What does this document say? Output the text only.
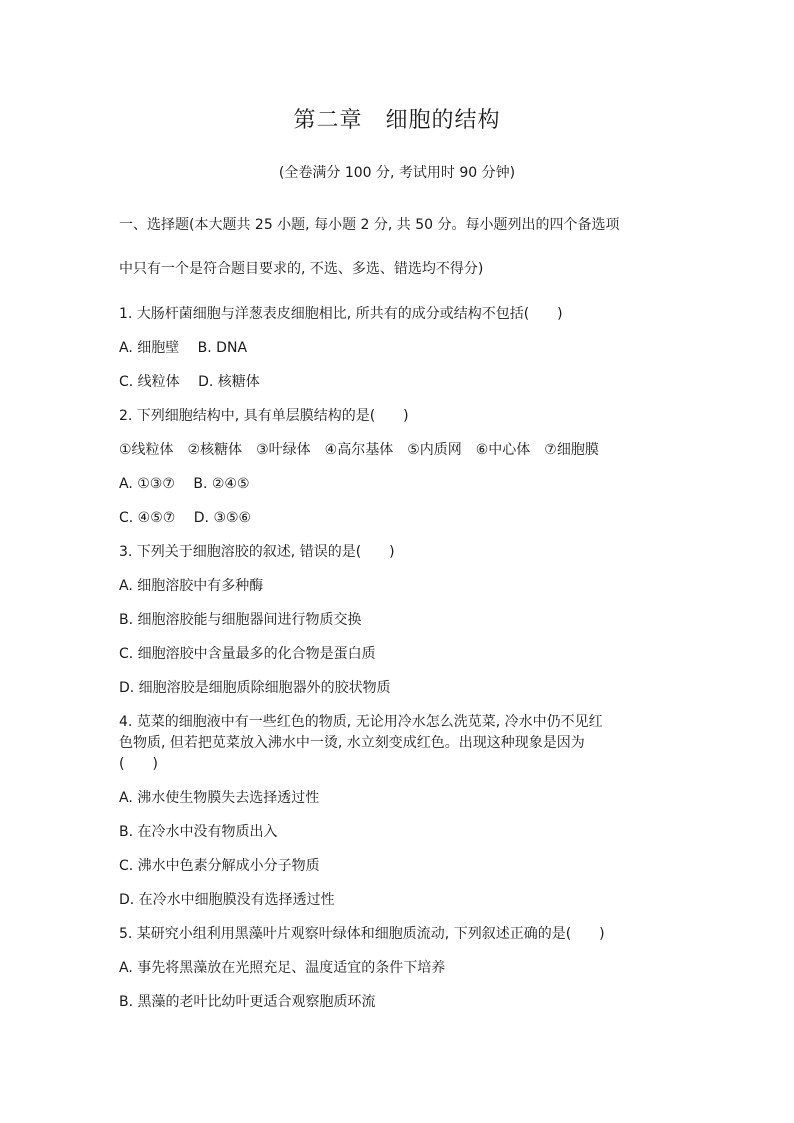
第二章　细胞的结构
(全卷满分 100 分, 考试用时 90 分钟)
一、选择题(本大题共 25 小题, 每小题 2 分, 共 50 分。每小题列出的四个备选项
中只有一个是符合题目要求的, 不选、多选、错选均不得分)
1. 大肠杆菌细胞与洋葱表皮细胞相比, 所共有的成分或结构不包括(　　)
A. 细胞壁　 B. DNA
C. 线粒体　 D. 核糖体
2. 下列细胞结构中, 具有单层膜结构的是(　　)
①线粒体　②核糖体　③叶绿体　④高尔基体　⑤内质网　⑥中心体　⑦细胞膜
A. ①③⑦　 B. ②④⑤
C. ④⑤⑦　 D. ③⑤⑥
3. 下列关于细胞溶胶的叙述, 错误的是(　　)
A. 细胞溶胶中有多种酶
B. 细胞溶胶能与细胞器间进行物质交换
C. 细胞溶胶中含量最多的化合物是蛋白质
D. 细胞溶胶是细胞质除细胞器外的胶状物质
4. 苋菜的细胞液中有一些红色的物质, 无论用冷水怎么洗苋菜, 冷水中仍不见红
色物质, 但若把苋菜放入沸水中一烫, 水立刻变成红色。出现这种现象是因为
(　　)
A. 沸水使生物膜失去选择透过性
B. 在冷水中没有物质出入
C. 沸水中色素分解成小分子物质
D. 在冷水中细胞膜没有选择透过性
5. 某研究小组利用黑藻叶片观察叶绿体和细胞质流动, 下列叙述正确的是(　　)
A. 事先将黑藻放在光照充足、温度适宜的条件下培养
B. 黑藻的老叶比幼叶更适合观察胞质环流
